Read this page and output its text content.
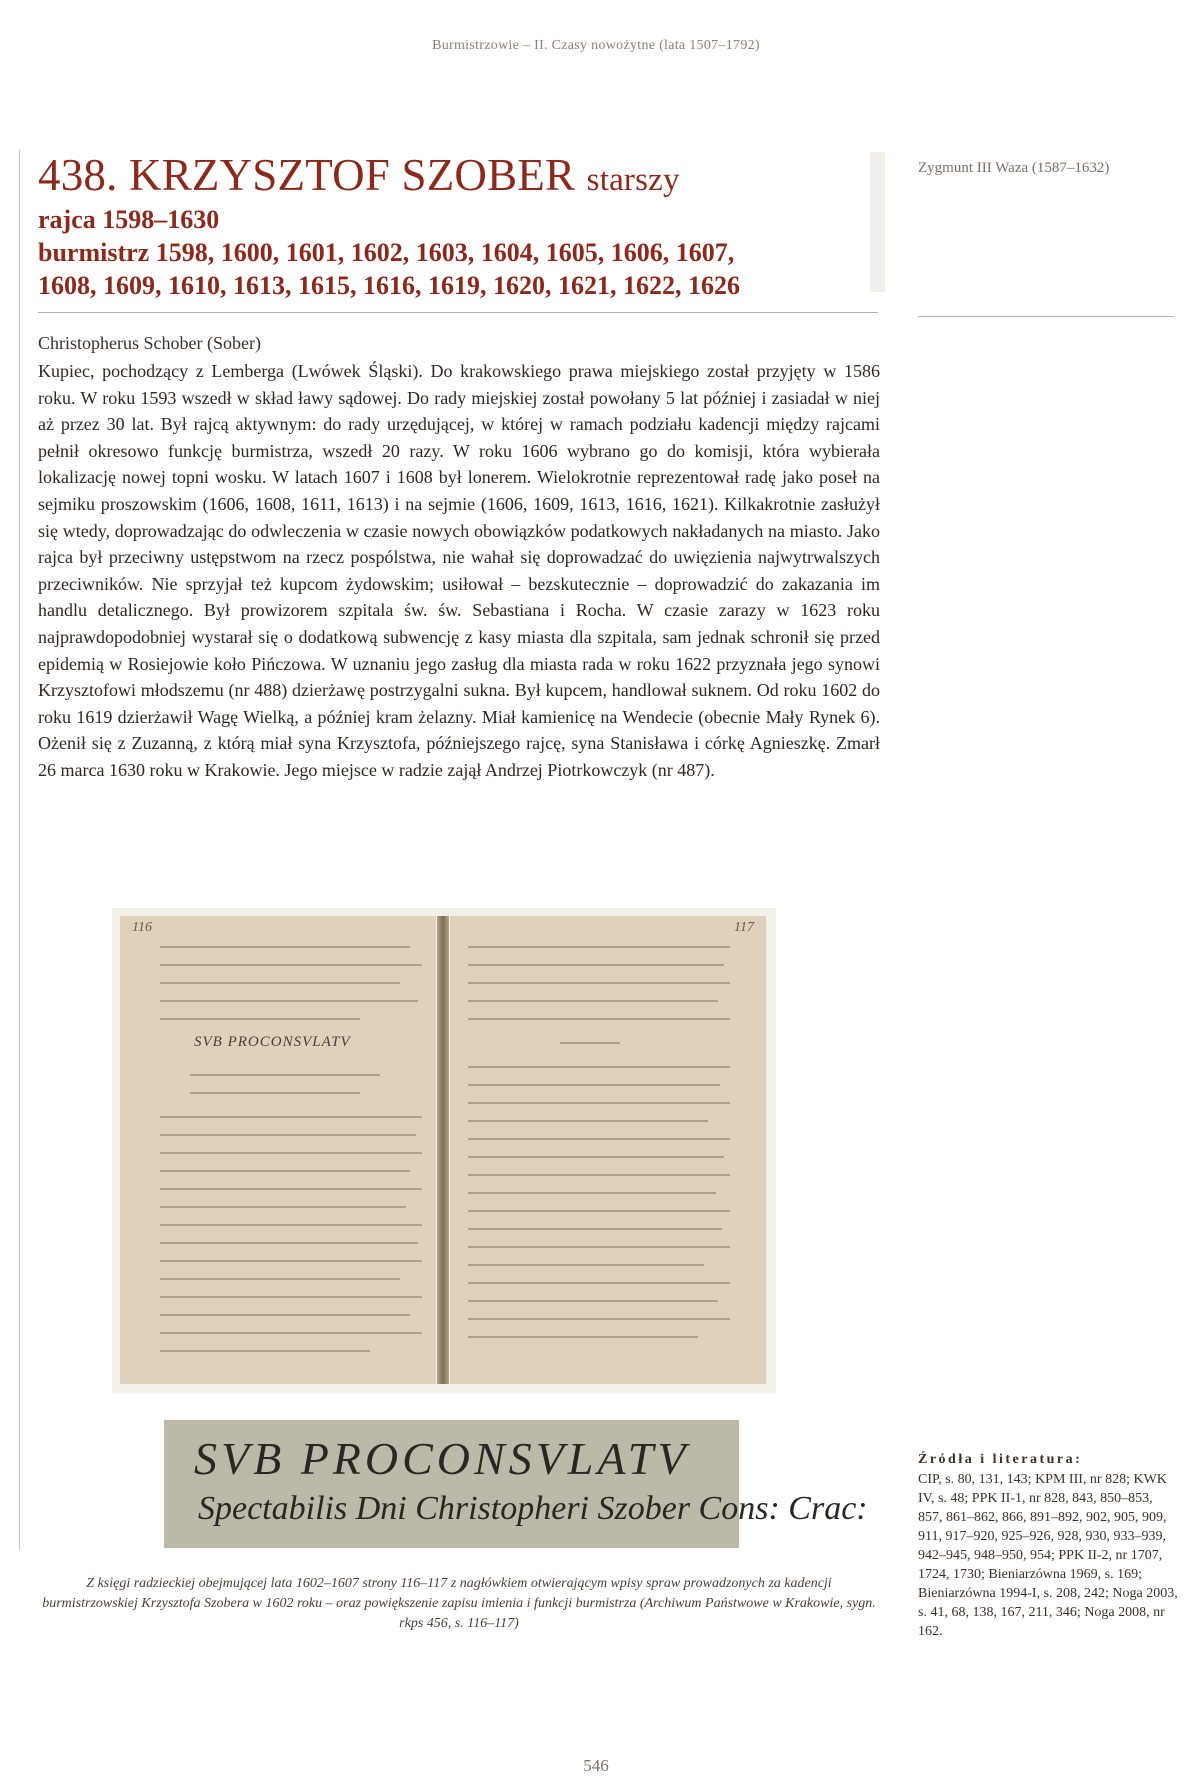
Burmistrzowie – II. Czasy nowożytne (lata 1507–1792)
438. KRZYSZTOF SZOBER starszy
rajca 1598–1630
burmistrz 1598, 1600, 1601, 1602, 1603, 1604, 1605, 1606, 1607,
1608, 1609, 1610, 1613, 1615, 1616, 1619, 1620, 1621, 1622, 1626
Zygmunt III Waza (1587–1632)
Christopherus Schober (Sober)

Kupiec, pochodzący z Lemberga (Lwówek Śląski). Do krakowskiego prawa miejskiego został przyjęty w 1586 roku. W roku 1593 wszedł w skład ławy sądowej. Do rady miejskiej został powołany 5 lat później i zasiadał w niej aż przez 30 lat. Był rajcą aktywnym: do rady urzędującej, w której w ramach podziału kadencji między rajcami pełnił okresowo funkcję burmistrza, wszedł 20 razy. W roku 1606 wybrano go do komisji, która wybierała lokalizację nowej topni wosku. W latach 1607 i 1608 był lonerem. Wielokrotnie reprezentował radę jako poseł na sejmiku proszowskim (1606, 1608, 1611, 1613) i na sejmie (1606, 1609, 1613, 1616, 1621). Kilkakrotnie zasłużył się wtedy, doprowadzając do odwleczenia w czasie nowych obowiązków podatkowych nakładanych na miasto. Jako rajca był przeciwny ustępstwom na rzecz pospólstwa, nie wahał się doprowadzać do uwięzienia najwytrwalszych przeciwników. Nie sprzyjał też kupcom żydowskim; usiłował – bezskutecznie – doprowadzić do zakazania im handlu detalicznego. Był prowizorem szpitala św. św. Sebastiana i Rocha. W czasie zarazy w 1623 roku najprawdopodobniej wystarał się o dodatkową subwencję z kasy miasta dla szpitala, sam jednak schronił się przed epidemią w Rosiejowie koło Pińczowa. W uznaniu jego zasług dla miasta rada w roku 1622 przyznała jego synowi Krzysztofowi młodszemu (nr 488) dzierżawę postrzygalni sukna. Był kupcem, handlował suknem. Od roku 1602 do roku 1619 dzierżawił Wagę Wielką, a później kram żelazny. Miał kamienicę na Wendecie (obecnie Mały Rynek 6). Ożenił się z Zuzanną, z którą miał syna Krzysztofa, późniejszego rajcę, syna Stanisława i córkę Agnieszkę. Zmarł 26 marca 1630 roku w Krakowie. Jego miejsce w radzie zajął Andrzej Piotrkowczyk (nr 487).

116
SVB PROCONSVLATV
117
SVB PROCONSVLATV
Spectabilis Dni Christopheri Szober Cons: Crac:
Z księgi radzieckiej obejmującej lata 1602–1607 strony 116–117 z nagłówkiem otwierającym wpisy spraw prowadzonych za kadencji burmistrzowskiej Krzysztofa Szobera w 1602 roku – oraz powiększenie zapisu imienia i funkcji burmistrza (Archiwum Państwowe w Krakowie, sygn. rkps 456, s. 116–117)
Źródła i literatura:
CIP, s. 80, 131, 143; KPM III, nr 828; KWK IV, s. 48; PPK II-1, nr 828, 843, 850–853, 857, 861–862, 866, 891–892, 902, 905, 909, 911, 917–920, 925–926, 928, 930, 933–939, 942–945, 948–950, 954; PPK II-2, nr 1707, 1724, 1730; Bieniarzówna 1969, s. 169; Bieniarzówna 1994-I, s. 208, 242; Noga 2003, s. 41, 68, 138, 167, 211, 346; Noga 2008, nr 162.
546
